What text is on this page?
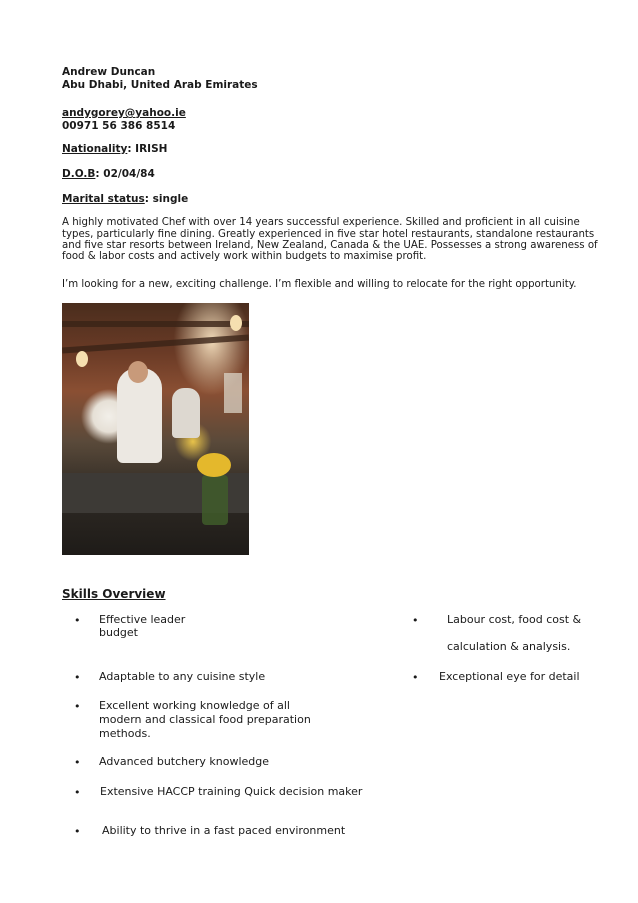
Andrew Duncan
Abu Dhabi, United Arab Emirates
andygorey@yahoo.ie
00971 56 386 8514
Nationality: IRISH
D.O.B: 02/04/84
Marital status: single
A highly motivated Chef with over 14 years successful experience. Skilled and proficient in all cuisine
types, particularly fine dining. Greatly experienced in five star hotel restaurants, standalone restaurants
and five star resorts between Ireland, New Zealand, Canada & the UAE. Possesses a strong awareness of
food & labor costs and actively work within budgets to maximise profit.
I’m looking for a new, exciting challenge. I’m flexible and willing to relocate for the right opportunity.
Skills Overview
• Effective leader
budget
• Adaptable to any cuisine style
• Excellent working knowledge of all
modern and classical food preparation
methods.
• Advanced butchery knowledge
• Extensive HACCP training Quick decision maker
• Ability to thrive in a fast paced environment
•	Labour cost, food cost &
calculation & analysis.
• Exceptional eye for detail
